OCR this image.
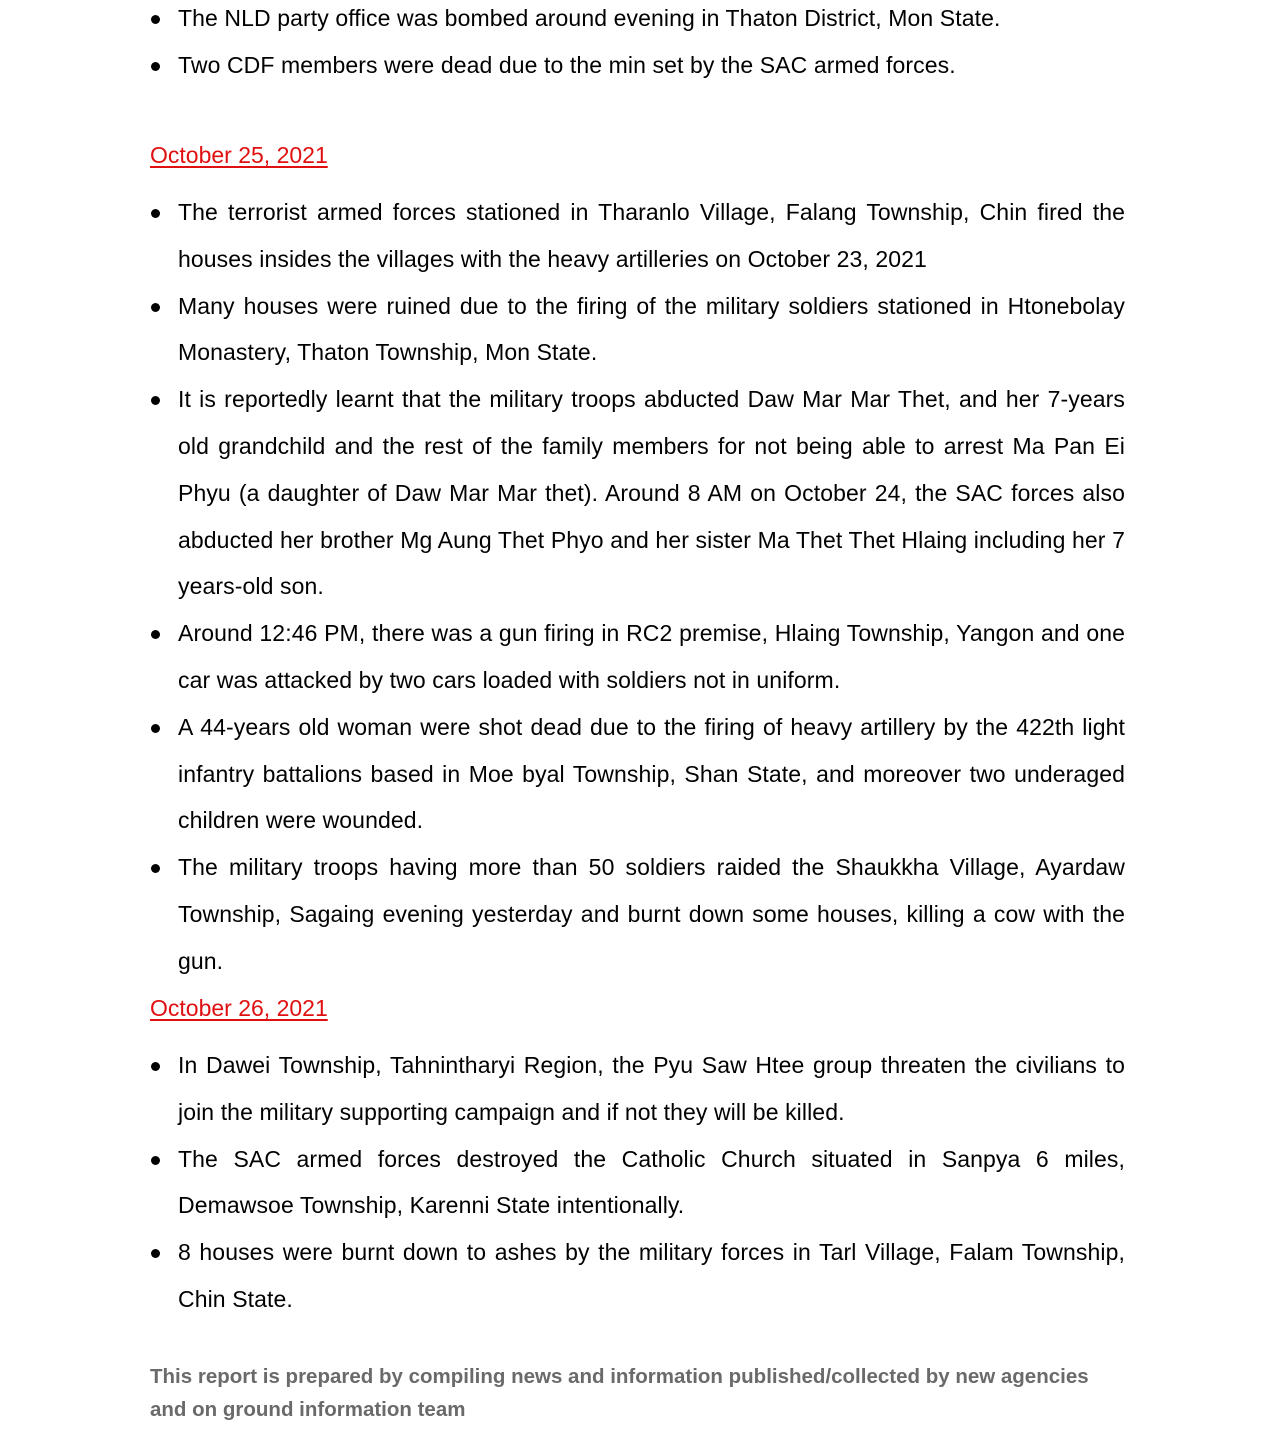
The NLD party office was bombed around evening in Thaton District, Mon State.
Two CDF members were dead due to the min set by the SAC armed forces.
October 25, 2021
The terrorist armed forces stationed in Tharanlo Village, Falang Township, Chin fired the houses insides the villages with the heavy artilleries on October 23, 2021
Many houses were ruined due to the firing of the military soldiers stationed in Htonebolay Monastery, Thaton Township, Mon State.
It is reportedly learnt that the military troops abducted Daw Mar Mar Thet, and her 7-years old grandchild and the rest of the family members for not being able to arrest Ma Pan Ei Phyu (a daughter of Daw Mar Mar thet). Around 8 AM on October 24, the SAC forces also abducted her brother Mg Aung Thet Phyo and her sister Ma Thet Thet Hlaing including her 7 years-old son.
Around 12:46 PM, there was a gun firing in RC2 premise, Hlaing Township, Yangon and one car was attacked by two cars loaded with soldiers not in uniform.
A 44-years old woman were shot dead due to the firing of heavy artillery by the 422th light infantry battalions based in Moe byal Township, Shan State, and moreover two underaged children were wounded.
The military troops having more than 50 soldiers raided the Shaukkha Village, Ayardaw Township, Sagaing evening yesterday and burnt down some houses, killing a cow with the gun.
October 26, 2021
In Dawei Township, Tahnintharyi Region, the Pyu Saw Htee group threaten the civilians to join the military supporting campaign and if not they will be killed.
The SAC armed forces destroyed the Catholic Church situated in Sanpya 6 miles, Demawsoe Township, Karenni State intentionally.
8 houses were burnt down to ashes by the military forces in Tarl Village, Falam Township, Chin State.

This report is prepared by compiling news and information published/collected by new agencies and on ground information team
